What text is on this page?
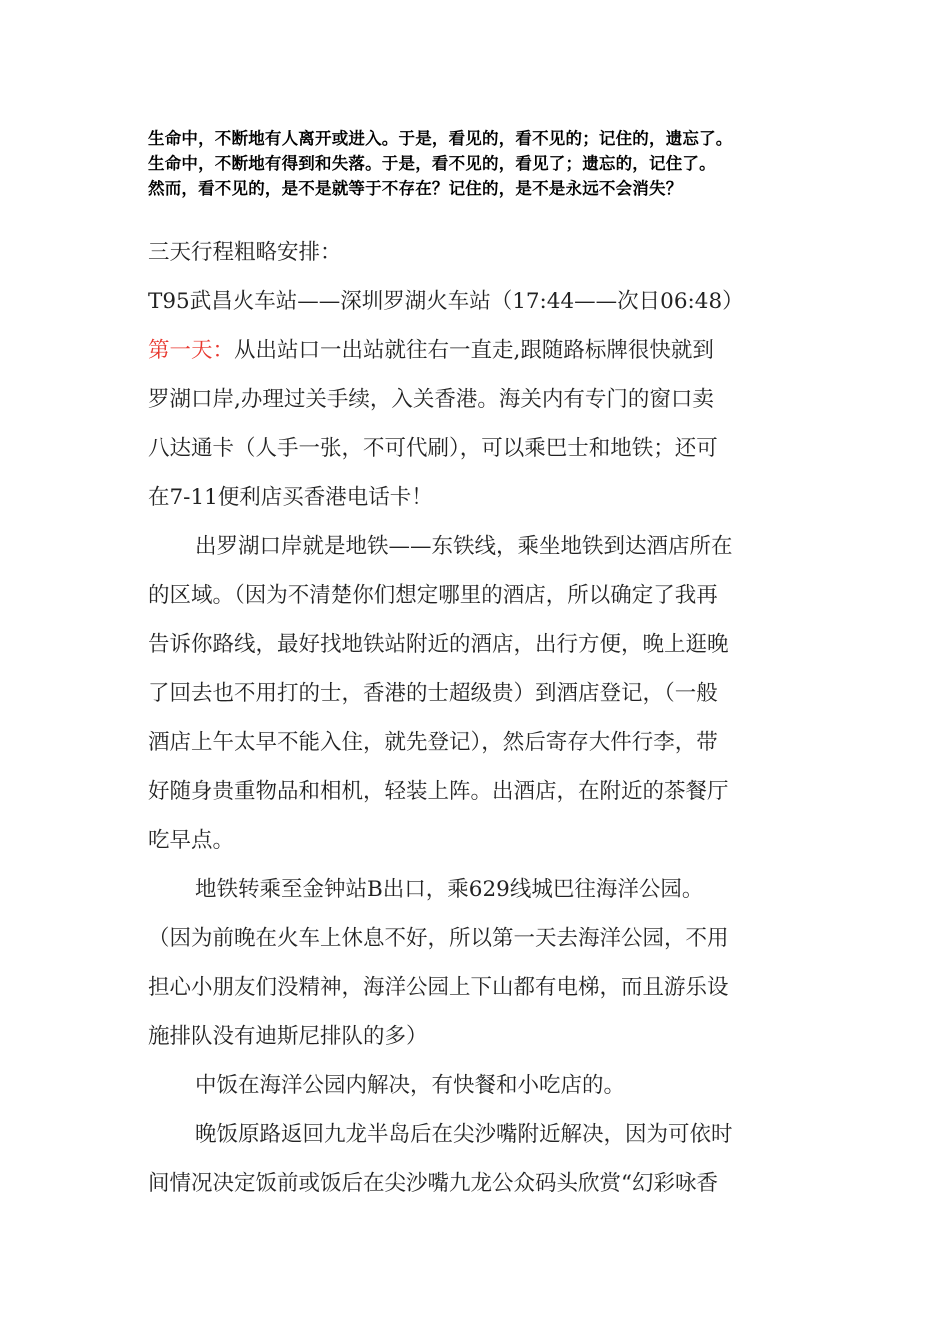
生命中，不断地有人离开或进入。于是，看见的，看不见的；记住的，遗忘了。
生命中，不断地有得到和失落。于是，看不见的，看见了；遗忘的，记住了。
然而，看不见的，是不是就等于不存在？记住的，是不是永远不会消失？
三天行程粗略安排：
T95武昌火车站——深圳罗湖火车站（17:44——次日06:48）
第一天：从出站口一出站就往右一直走,跟随路标牌很快就到
罗湖口岸,办理过关手续，入关香港。海关内有专门的窗口卖
八达通卡（人手一张，不可代刷），可以乘巴士和地铁；还可
在7-11便利店买香港电话卡！
出罗湖口岸就是地铁——东铁线，乘坐地铁到达酒店所在
的区域。（因为不清楚你们想定哪里的酒店，所以确定了我再
告诉你路线，最好找地铁站附近的酒店，出行方便，晚上逛晚
了回去也不用打的士，香港的士超级贵）到酒店登记，（一般
酒店上午太早不能入住，就先登记），然后寄存大件行李，带
好随身贵重物品和相机，轻装上阵。出酒店，在附近的茶餐厅
吃早点。
地铁转乘至金钟站B出口，乘629线城巴往海洋公园。
（因为前晚在火车上休息不好，所以第一天去海洋公园，不用
担心小朋友们没精神，海洋公园上下山都有电梯，而且游乐设
施排队没有迪斯尼排队的多）
中饭在海洋公园内解决，有快餐和小吃店的。
晚饭原路返回九龙半岛后在尖沙嘴附近解决，因为可依时
间情况决定饭前或饭后在尖沙嘴九龙公众码头欣赏“幻彩咏香
